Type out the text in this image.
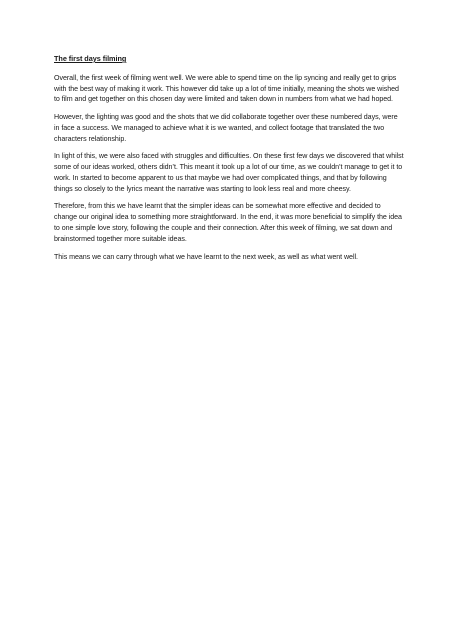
The first days filming

Overall, the first week of filming went well. We were able to spend time on the lip syncing and really get to grips with the best way of making it work. This however did take up a lot of time initially, meaning the shots we wished to film and get together on this chosen day were limited and taken down in numbers from what we had hoped.

However, the lighting was good and the shots that we did collaborate together over these numbered days, were in face a success. We managed to achieve what it is we wanted, and collect footage that translated the two characters relationship.

In light of this, we were also faced with struggles and difficulties. On these first few days we discovered that whilst some of our ideas worked, others didn’t. This meant it took up a lot of our time, as we couldn’t manage to get it to work. In started to become apparent to us that maybe we had over complicated things, and that by following things so closely to the lyrics meant the narrative was starting to look less real and more cheesy.

Therefore, from this we have learnt that the simpler ideas can be somewhat more effective and decided to change our original idea to something more straightforward. In the end, it was more beneficial to simplify the idea to one simple love story, following the couple and their connection. After this week of filming, we sat down and brainstormed together more suitable ideas.

This means we can carry through what we have learnt to the next week, as well as what went well.
